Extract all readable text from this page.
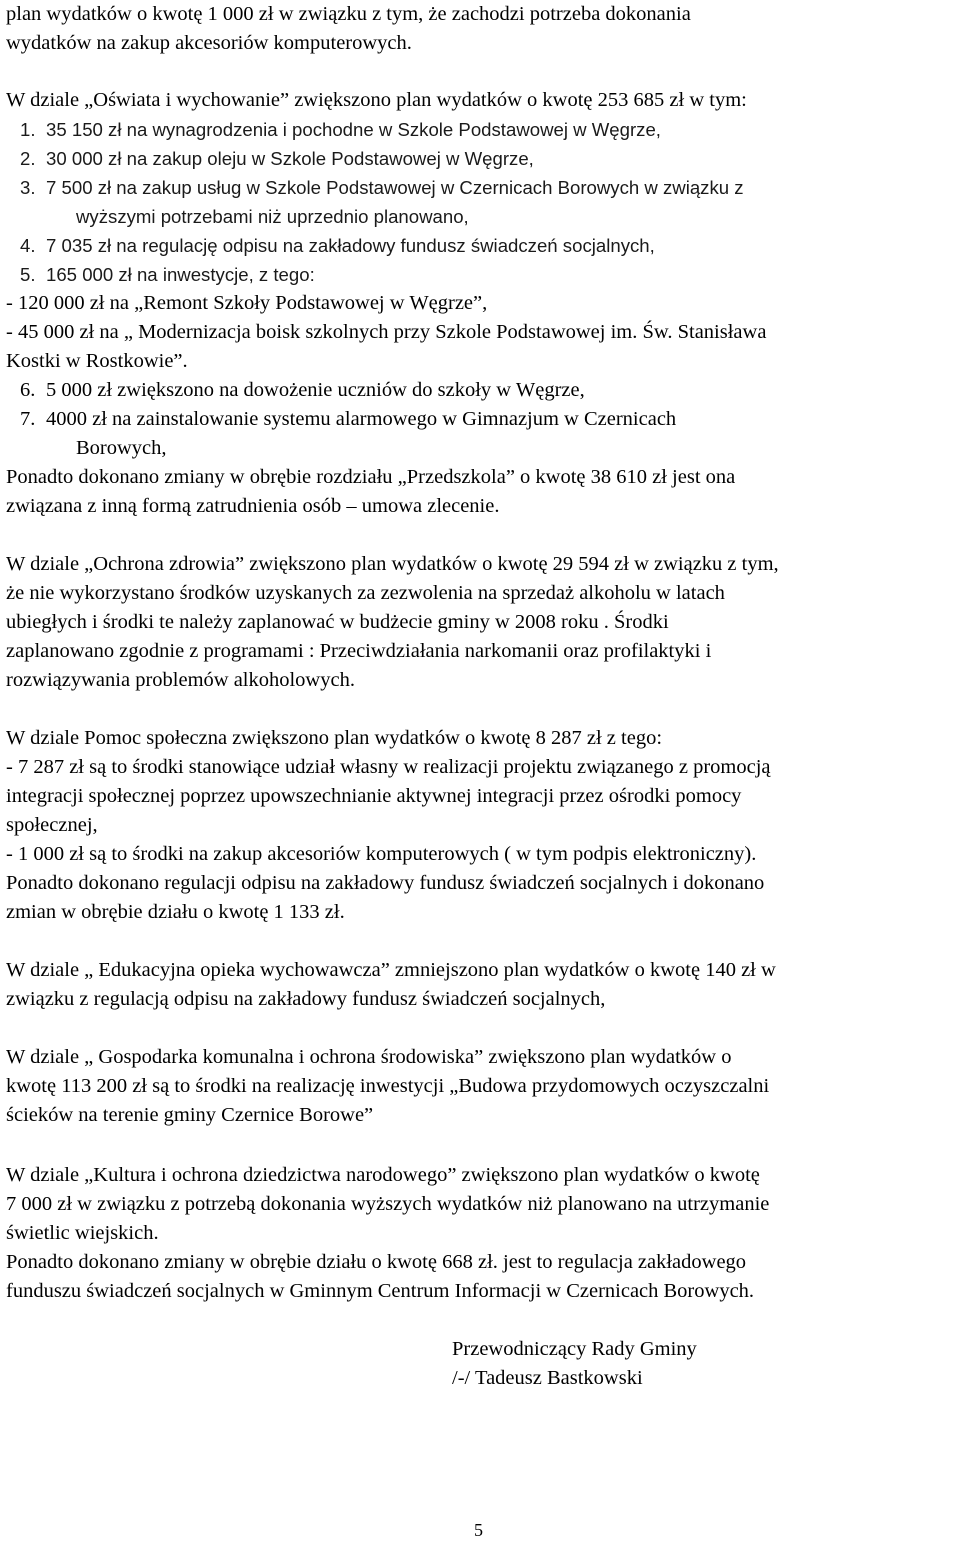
plan wydatków o kwotę 1 000 zł w związku z tym, że zachodzi potrzeba dokonania
wydatków na zakup akcesoriów komputerowych.
W dziale „Oświata i wychowanie” zwiększono plan wydatków o kwotę 253 685 zł w tym:
1. 35 150 zł na wynagrodzenia i pochodne w Szkole Podstawowej w Węgrze,
2. 30 000 zł na zakup oleju w Szkole Podstawowej w Węgrze,
3. 7 500 zł na zakup usług w Szkole Podstawowej w Czernicach Borowych w związku z
wyższymi potrzebami niż uprzednio planowano,
4. 7 035 zł na regulację odpisu na zakładowy fundusz świadczeń socjalnych,
5. 165 000 zł na inwestycje, z tego:
- 120 000 zł na „Remont Szkoły Podstawowej w Węgrze”,
- 45 000 zł na „ Modernizacja boisk szkolnych przy Szkole Podstawowej im. Św. Stanisława
Kostki w Rostkowie”.
6. 5 000 zł zwiększono na dowożenie uczniów do szkoły w Węgrze,
7. 4000 zł na zainstalowanie systemu alarmowego w Gimnazjum w Czernicach
Borowych,
Ponadto dokonano zmiany w obrębie rozdziału „Przedszkola” o kwotę 38 610 zł jest ona
związana z inną formą zatrudnienia osób – umowa zlecenie.
W dziale „Ochrona zdrowia” zwiększono plan wydatków o kwotę 29 594 zł w związku z tym,
że nie wykorzystano środków uzyskanych za zezwolenia na sprzedaż alkoholu w latach
ubiegłych i środki te należy zaplanować w budżecie gminy w 2008 roku . Środki
zaplanowano zgodnie z programami : Przeciwdziałania narkomanii oraz profilaktyki i
rozwiązywania problemów alkoholowych.
W dziale Pomoc społeczna zwiększono plan wydatków o kwotę 8 287 zł z tego:
- 7 287 zł są to środki stanowiące udział własny w realizacji projektu związanego z promocją
integracji społecznej poprzez upowszechnianie aktywnej integracji przez ośrodki pomocy
społecznej,
- 1 000 zł są to środki na zakup akcesoriów komputerowych ( w tym podpis elektroniczny).
Ponadto dokonano regulacji odpisu na zakładowy fundusz świadczeń socjalnych i dokonano
zmian w obrębie działu o kwotę 1 133 zł.
W dziale „ Edukacyjna opieka wychowawcza” zmniejszono plan wydatków o kwotę 140 zł w
związku z regulacją odpisu na zakładowy fundusz świadczeń socjalnych,
W dziale „ Gospodarka komunalna i ochrona środowiska” zwiększono plan wydatków o
kwotę 113 200 zł są to środki na realizację inwestycji „Budowa przydomowych oczyszczalni
ścieków na terenie gminy Czernice Borowe”
W dziale „Kultura i ochrona dziedzictwa narodowego” zwiększono plan wydatków o kwotę
7 000 zł w związku z potrzebą dokonania wyższych wydatków niż planowano na utrzymanie
świetlic wiejskich.
Ponadto dokonano zmiany w obrębie działu o kwotę 668 zł. jest to regulacja zakładowego
funduszu świadczeń socjalnych w Gminnym Centrum Informacji w Czernicach Borowych.
Przewodniczący Rady Gminy
/-/ Tadeusz Bastkowski
5
